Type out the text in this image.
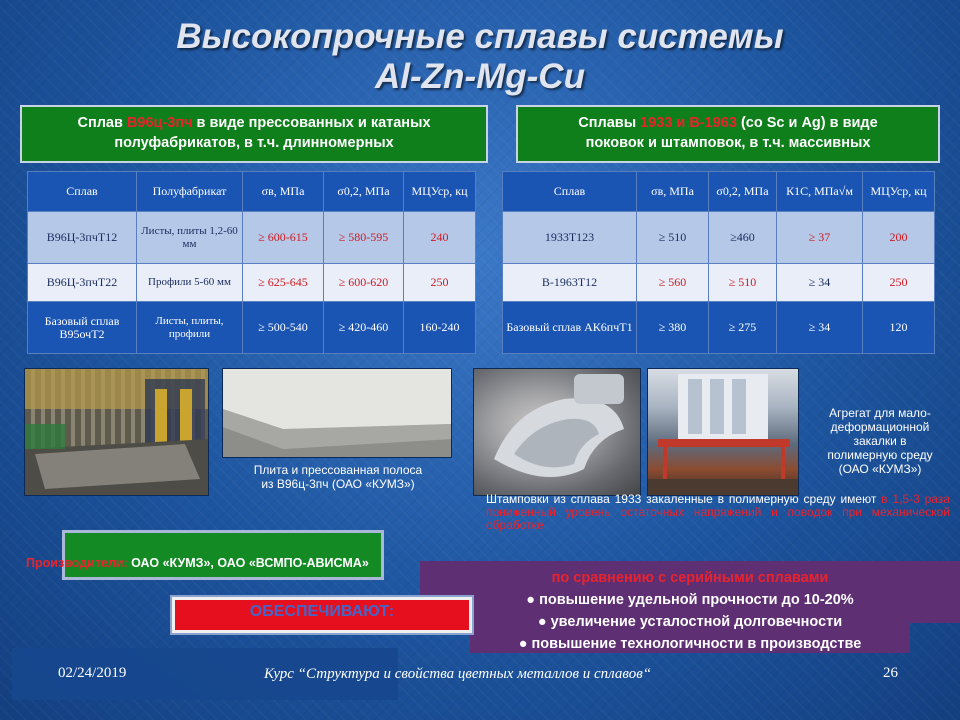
Высокопрочные сплавы системы
Al-Zn-Mg-Cu
Сплав В96ц-3пч в виде прессованных и катаных
полуфабрикатов, в т.ч. длинномерных
Сплавы 1933 и В-1963 (со Sc и Ag) в виде
поковок и штамповок, в т.ч. массивных
Сплав	Полуфабрикат	σв, МПа	σ0,2, МПа	МЦУср, кц
В96Ц-3пчТ12	Листы, плиты 1,2-60 мм	≥ 600-615	≥ 580-595	240
В96Ц-3пчТ22	Профили 5-60 мм	≥ 625-645	≥ 600-620	250
Базовый сплав В95очТ2	Листы, плиты, профили	≥ 500-540	≥ 420-460	160-240
Сплав	σв, МПа	σ0,2, МПа	К1С, МПа√м	МЦУср, кц
1933Т123	≥ 510	≥460	≥ 37	200
В-1963Т12	≥ 560	≥ 510	≥ 34	250
Базовый сплав АК6пчТ1	≥ 380	≥ 275	≥ 34	120
Плита и прессованная полоса
из В96ц-3пч (ОАО «КУМЗ»)
Агрегат для мало-
деформационной
закалки в
полимерную среду
(ОАО «КУМЗ»)
Штамповки из сплава 1933 закаленные в полимерную среду имеют в 1,5-3 раза пониженный уровень остаточных напряжений и поводок при механической обработке
Производители: ОАО «КУМЗ», ОАО «ВСМПО-АВИСМА»
ОБЕСПЕЧИВАЮТ:
по сравнению с серийными сплавами
● повышение удельной прочности до 10-20%
● увеличение усталостной долговечности
● повышение технологичности в производстве
02/24/2019	Курс “Структура и свойства цветных металлов и сплавов“	26
